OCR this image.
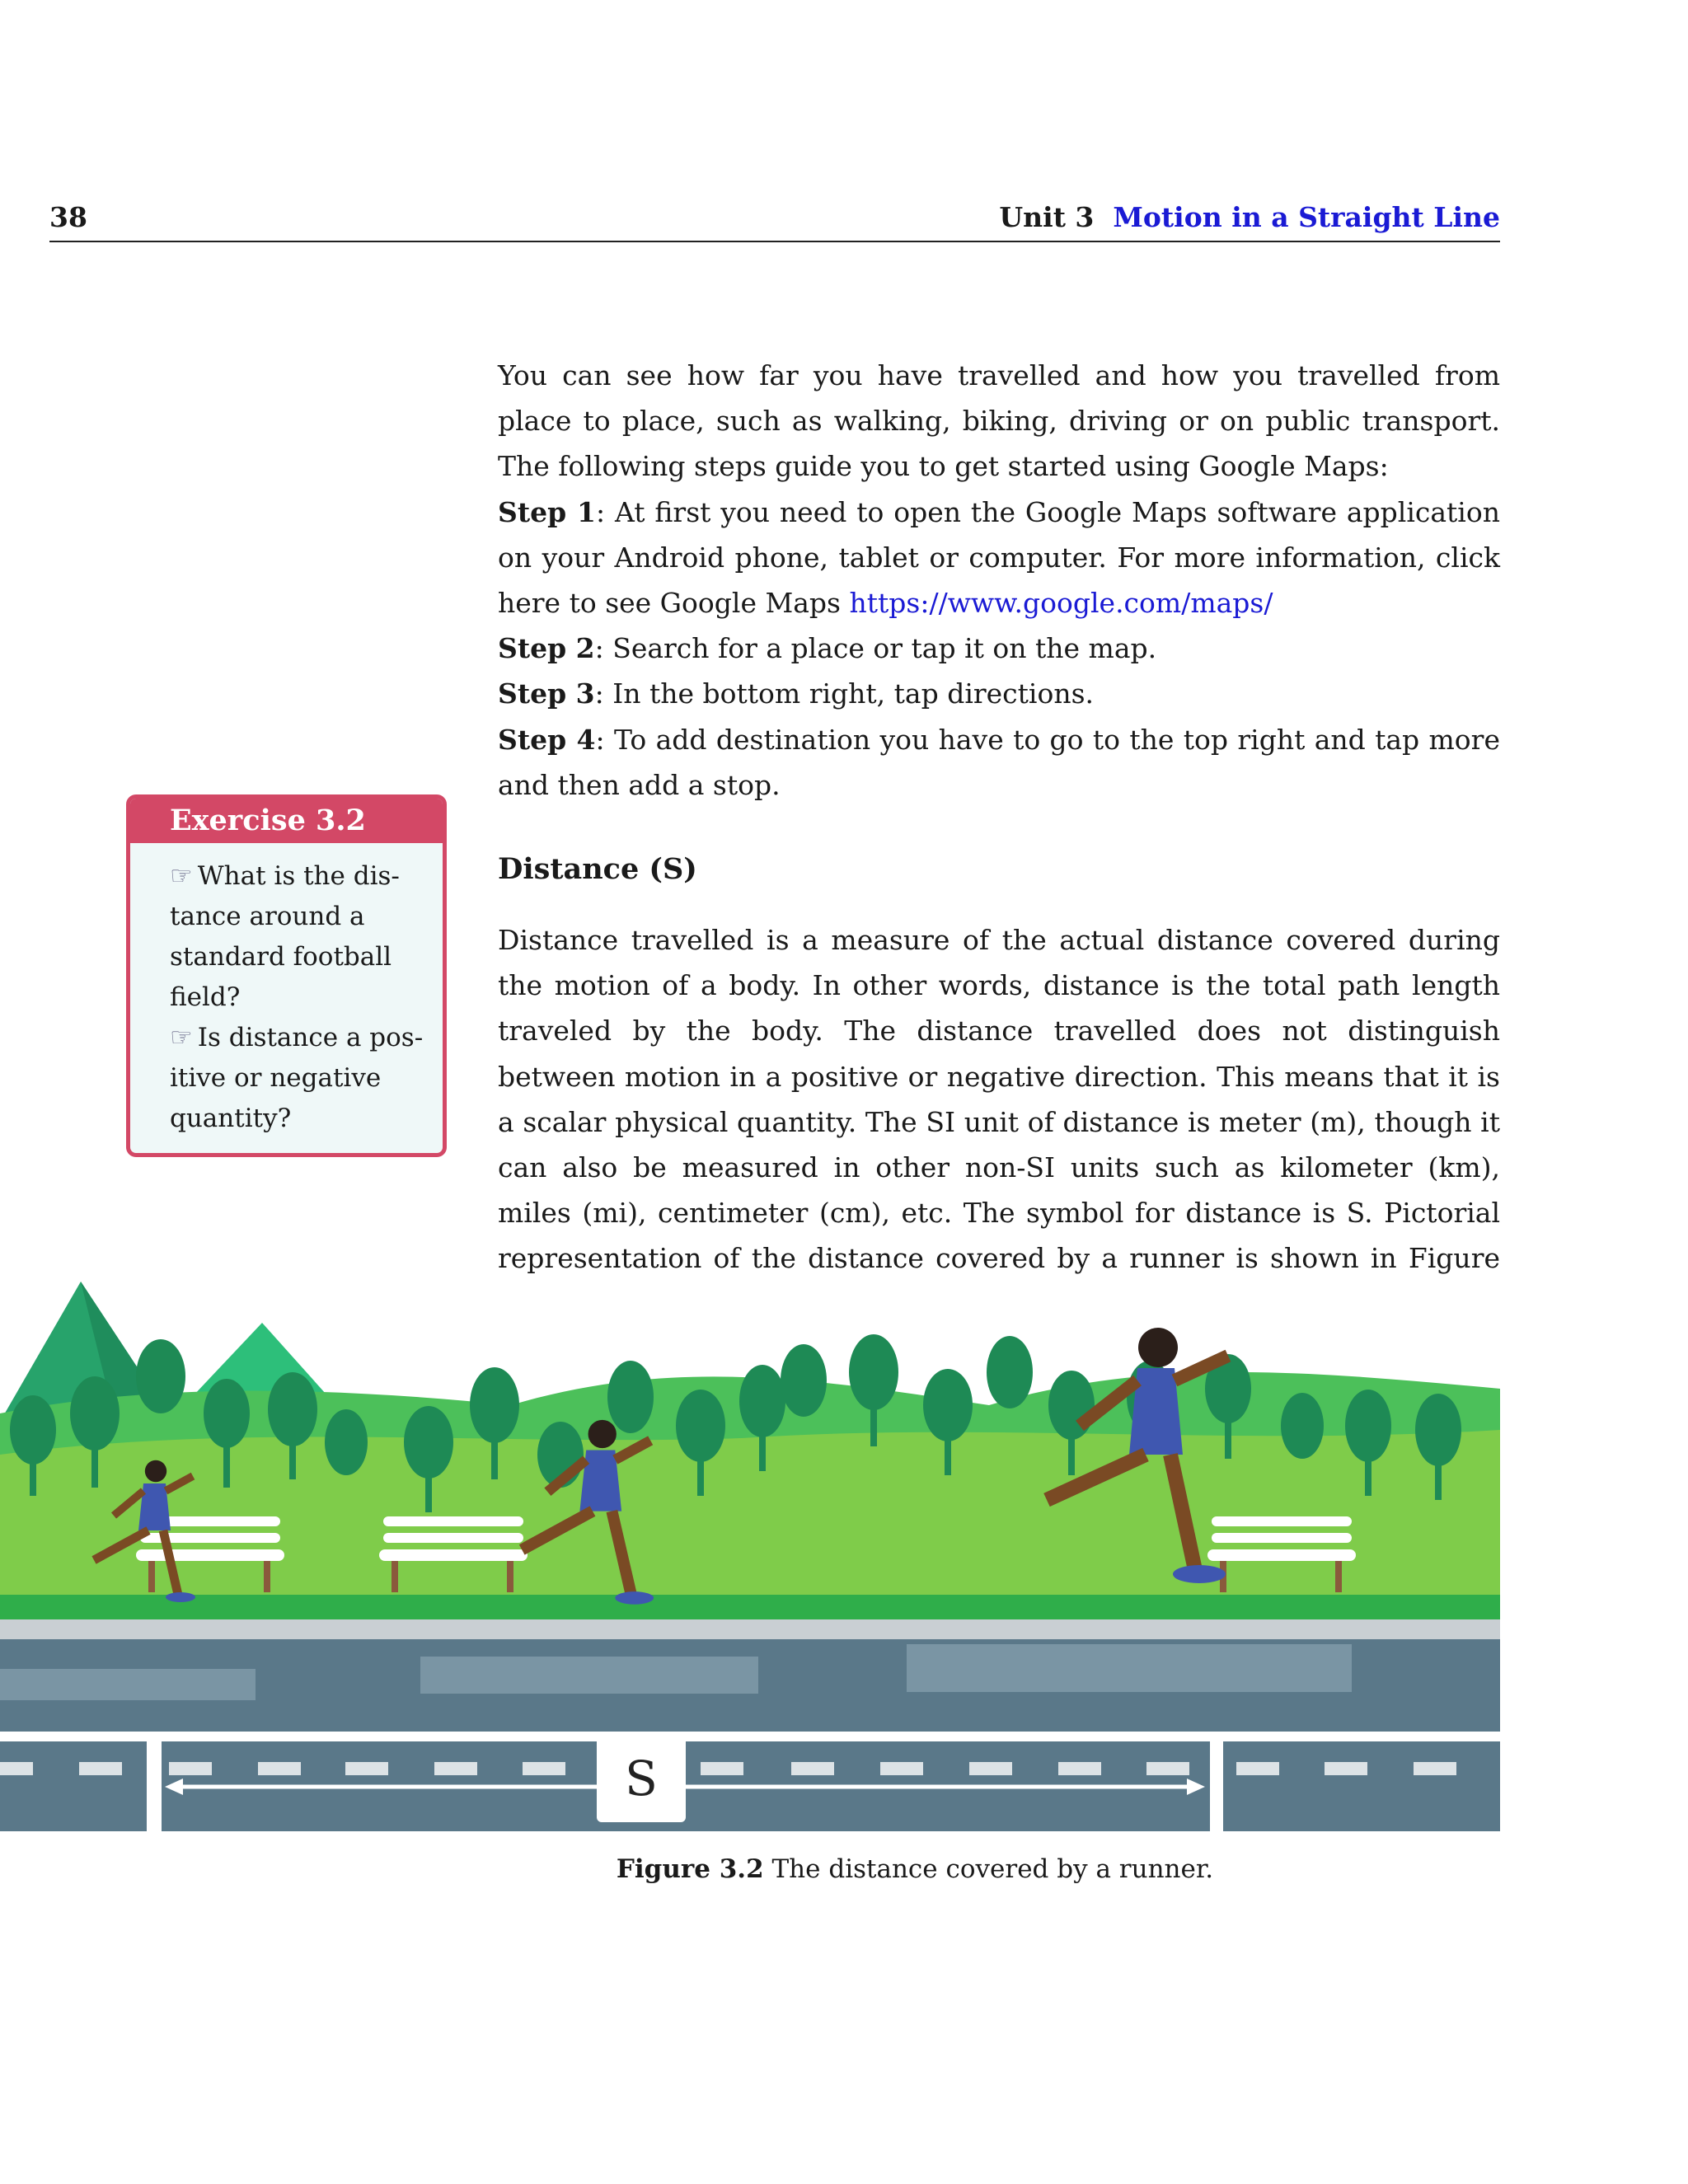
38	Unit 3 Motion in a Straight Line

You can see how far you have travelled and how you travelled from place to place, such as walking, biking, driving or on public transport. The following steps guide you to get started using Google Maps:

Step 1: At first you need to open the Google Maps software application on your Android phone, tablet or computer. For more information, click here to see Google Maps https://www.google.com/maps/

Step 2: Search for a place or tap it on the map.

Step 3: In the bottom right, tap directions.

Step 4: To add destination you have to go to the top right and tap more and then add a stop.

Exercise 3.2

☞ What is the dis-tance around a standard football field?

☞ Is distance a pos-itive or negative quantity?

Distance (S)

Distance travelled is a measure of the actual distance covered during the motion of a body. In other words, distance is the total path length traveled by the body. The distance travelled does not distinguish between motion in a positive or negative direction. This means that it is a scalar physical quantity. The SI unit of distance is meter (m), though it can also be measured in other non-SI units such as kilometer (km), miles (mi), centimeter (cm), etc. The symbol for distance is S. Pictorial representation of the distance covered by a runner is shown in Figure

S
Figure 3.2 The distance covered by a runner.
